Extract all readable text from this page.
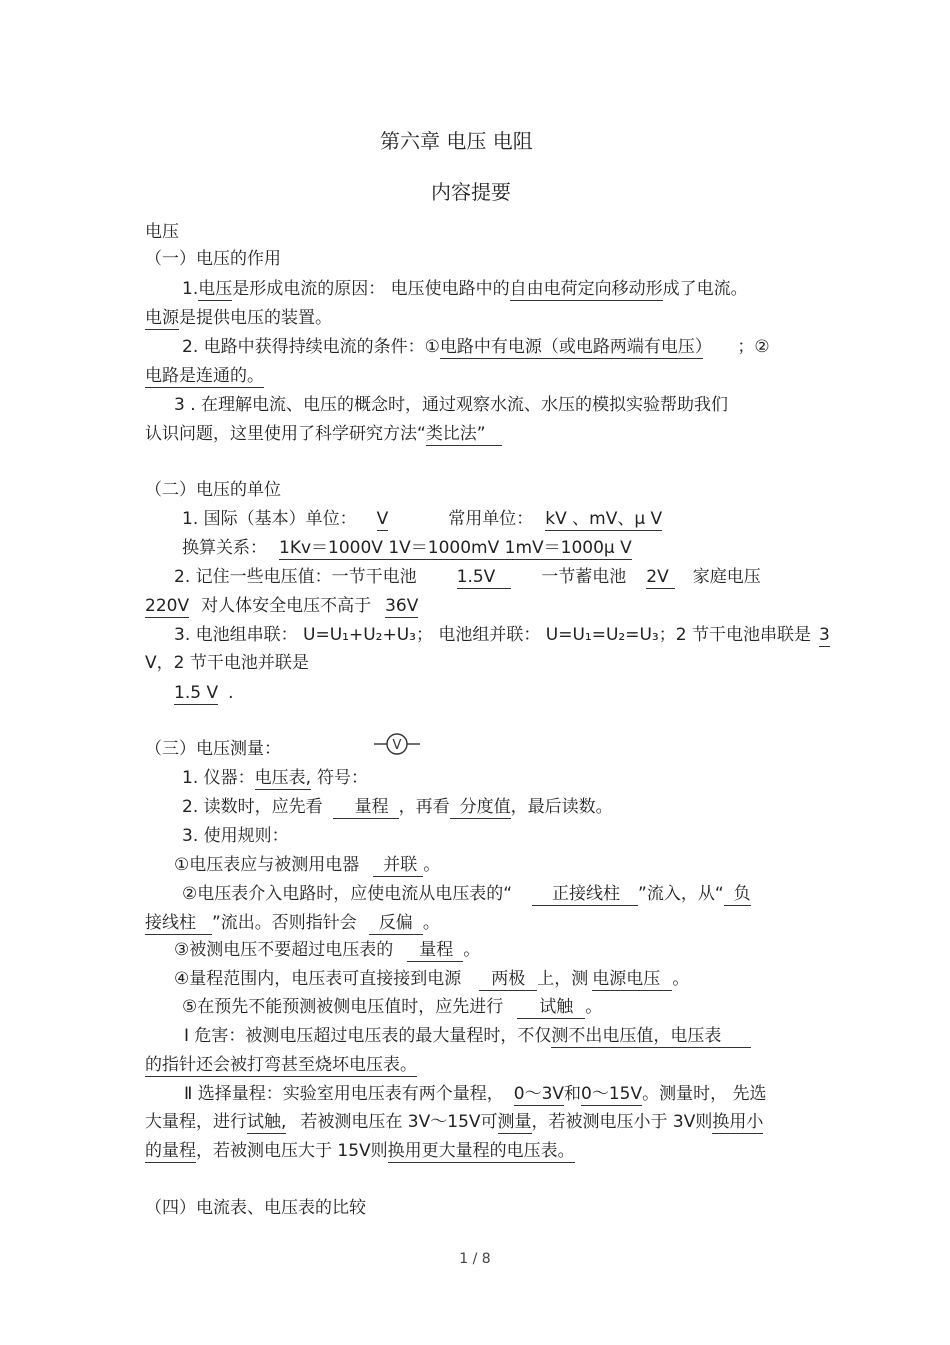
第六章 电压 电阻
内容提要
电压
（一）电压的作用
1.电压是形成电流的原因： 电压使电路中的自由电荷定向移动形成了电流。
电源是提供电压的装置。
2. 电路中获得持续电流的条件：①电路中有电源（或电路两端有电压） ；②
电路是连通的。
3 . 在理解电流、电压的概念时，通过观察水流、水压的模拟实验帮助我们
认识问题，这里使用了科学研究方法“类比法”
（二）电压的单位
1. 国际（基本）单位： V	常用单位： kV 、mV、μ V
换算关系： 1Kv＝1000V 1V＝1000mV 1mV＝1000μ V
2. 记住一些电压值：一节干电池 1.5V	一节蓄电池 2V 家庭电压
220V 对人体安全电压不高于 36V
3. 电池组串联： U=U₁+U₂+U₃； 电池组并联： U=U₁=U₂=U₃；2 节干电池串联是 3
V，2 节干电池并联是
1.5 V .
（三）电压测量：	V
1. 仪器：电压表, 符号：
2. 读数时，应先看 量程 ，再看 分度值，最后读数。
3. 使用规则：
①电压表应与被测用电器 并联 。
②电压表介入电路时，应使电流从电压表的“ 正接线柱 ”流入，从“ 负
接线柱 ”流出。否则指针会 反偏 。
③被测电压不要超过电压表的 量程 。
④量程范围内，电压表可直接接到电源 两极 上，测 电源电压 。
⑤在预先不能预测被侧电压值时，应先进行 试触 。
Ⅰ 危害：被测电压超过电压表的最大量程时，不仅测不出电压值，电压表
的指针还会被打弯甚至烧坏电压表。
Ⅱ 选择量程：实验室用电压表有两个量程， 0～3V和0～15V。测量时， 先选
大量程，进行试触, 若被测电压在 3V～15V可测量，若被测电压小于 3V则换用小
的量程，若被测电压大于 15V则换用更大量程的电压表。
（四）电流表、电压表的比较
1 / 8
